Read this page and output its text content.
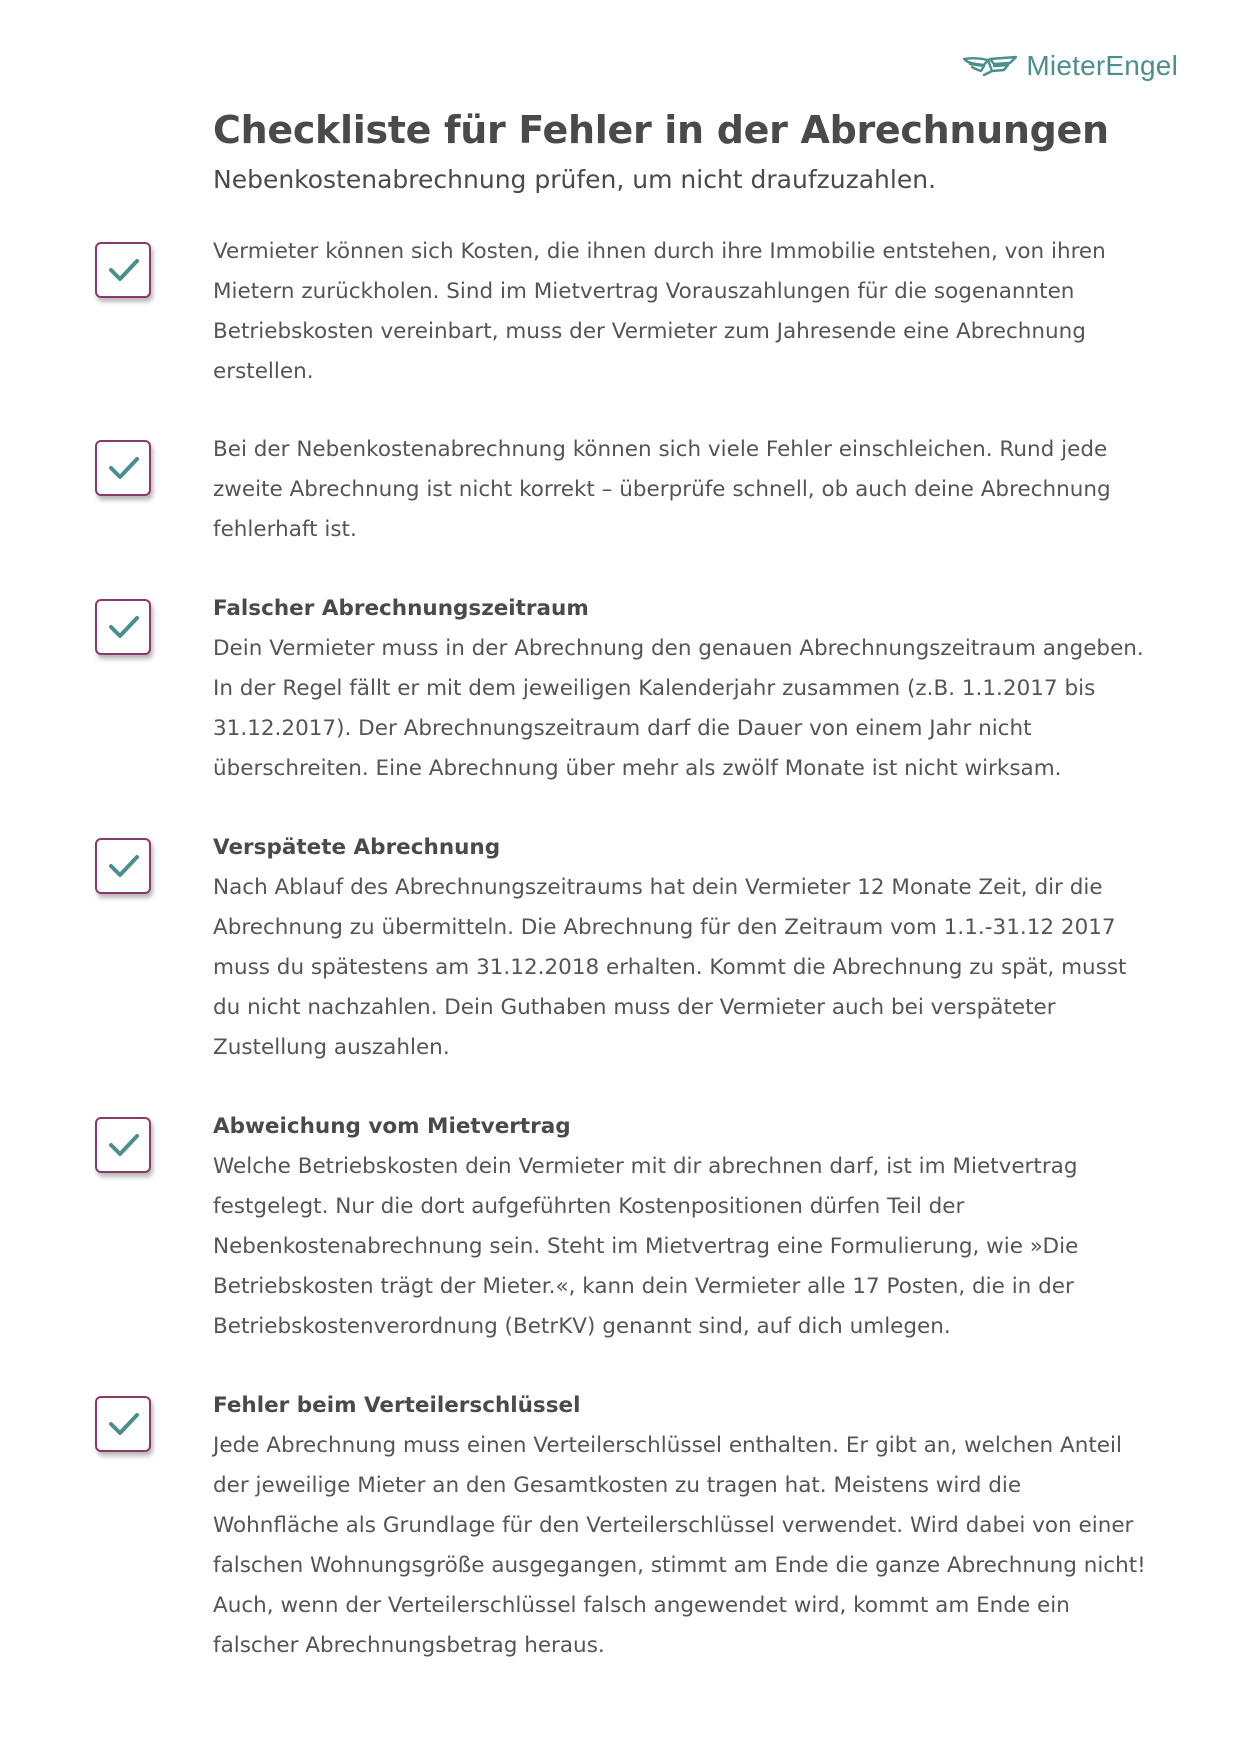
MieterEngel
Checkliste für Fehler in der Abrechnungen
Nebenkostenabrechnung prüfen, um nicht draufzuzahlen.

Vermieter können sich Kosten, die ihnen durch ihre Immobilie entstehen, von ihren Mietern zurückholen. Sind im Mietvertrag Vorauszahlungen für die sogenannten Betriebskosten vereinbart, muss der Vermieter zum Jahresende eine Abrechnung erstellen.

Bei der Nebenkostenabrechnung können sich viele Fehler einschleichen. Rund jede zweite Abrechnung ist nicht korrekt – überprüfe schnell, ob auch deine Abrechnung fehlerhaft ist.

Falscher Abrechnungszeitraum

Dein Vermieter muss in der Abrechnung den genauen Abrechnungszeitraum angeben. In der Regel fällt er mit dem jeweiligen Kalenderjahr zusammen (z.B. 1.1.2017 bis 31.12.2017). Der Abrechnungszeitraum darf die Dauer von einem Jahr nicht überschreiten. Eine Abrechnung über mehr als zwölf Monate ist nicht wirksam.

Verspätete Abrechnung

Nach Ablauf des Abrechnungszeitraums hat dein Vermieter 12 Monate Zeit, dir die Abrechnung zu übermitteln. Die Abrechnung für den Zeitraum vom 1.1.-31.12 2017 muss du spätestens am 31.12.2018 erhalten. Kommt die Abrechnung zu spät, musst du nicht nachzahlen. Dein Guthaben muss der Vermieter auch bei verspäteter Zustellung auszahlen.

Abweichung vom Mietvertrag

Welche Betriebskosten dein Vermieter mit dir abrechnen darf, ist im Mietvertrag festgelegt. Nur die dort aufgeführten Kostenpositionen dürfen Teil der Nebenkostenabrechnung sein. Steht im Mietvertrag eine Formulierung, wie »Die Betriebskosten trägt der Mieter.«, kann dein Vermieter alle 17 Posten, die in der Betriebskostenverordnung (BetrKV) genannt sind, auf dich umlegen.

Fehler beim Verteilerschlüssel

Jede Abrechnung muss einen Verteilerschlüssel enthalten. Er gibt an, welchen Anteil der jeweilige Mieter an den Gesamtkosten zu tragen hat. Meistens wird die Wohnfläche als Grundlage für den Verteilerschlüssel verwendet. Wird dabei von einer falschen Wohnungsgröße ausgegangen, stimmt am Ende die ganze Abrechnung nicht! Auch, wenn der Verteilerschlüssel falsch angewendet wird, kommt am Ende ein falscher Abrechnungsbetrag heraus.
